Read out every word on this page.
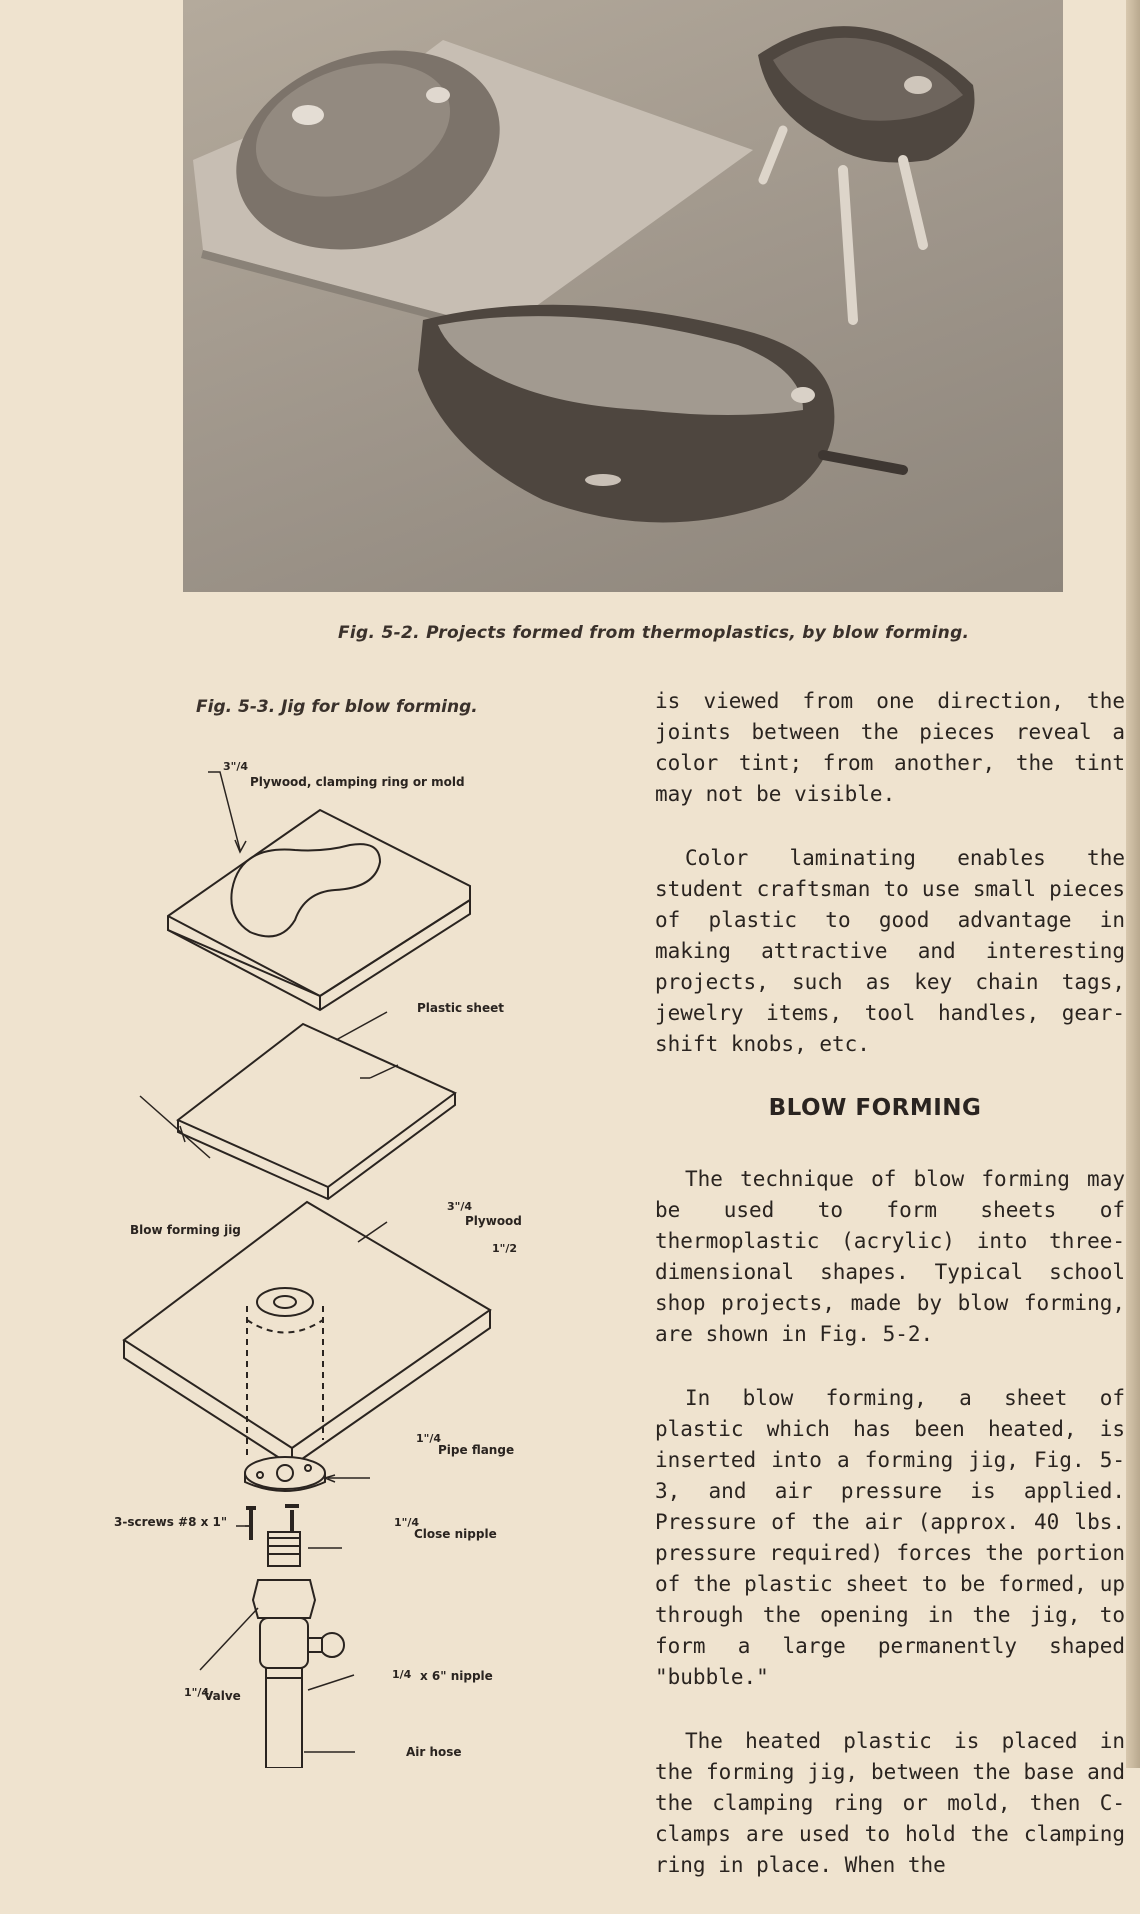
Fig. 5-2. Projects formed from thermoplastics, by blow forming.
Fig. 5-3. Jig for blow forming.
3"/4
Plywood, clamping ring or mold
Plastic sheet
3"/4
Plywood
Blow forming jig
1"/2
1"/4
Pipe flange
3-screws #8 x 1"	1"/4
Close nipple
1/4 x 6" nipple
1"/4
Valve
Air hose

is viewed from one direction, the joints between the pieces reveal a color tint; from another, the tint may not be visible.

Color laminating enables the student craftsman to use small pieces of plastic to good advantage in making attractive and interesting projects, such as key chain tags, jewelry items, tool handles, gear-shift knobs, etc.

BLOW FORMING

The technique of blow forming may be used to form sheets of thermoplastic (acrylic) into three-dimensional shapes. Typical school shop projects, made by blow forming, are shown in Fig. 5-2.

In blow forming, a sheet of plastic which has been heated, is inserted into a forming jig, Fig. 5-3, and air pressure is applied. Pressure of the air (approx. 40 lbs. pressure required) forces the portion of the plastic sheet to be formed, up through the opening in the jig, to form a large permanently shaped "bubble."

The heated plastic is placed in the forming jig, between the base and the clamping ring or mold, then C-clamps are used to hold the clamping ring in place. When the
